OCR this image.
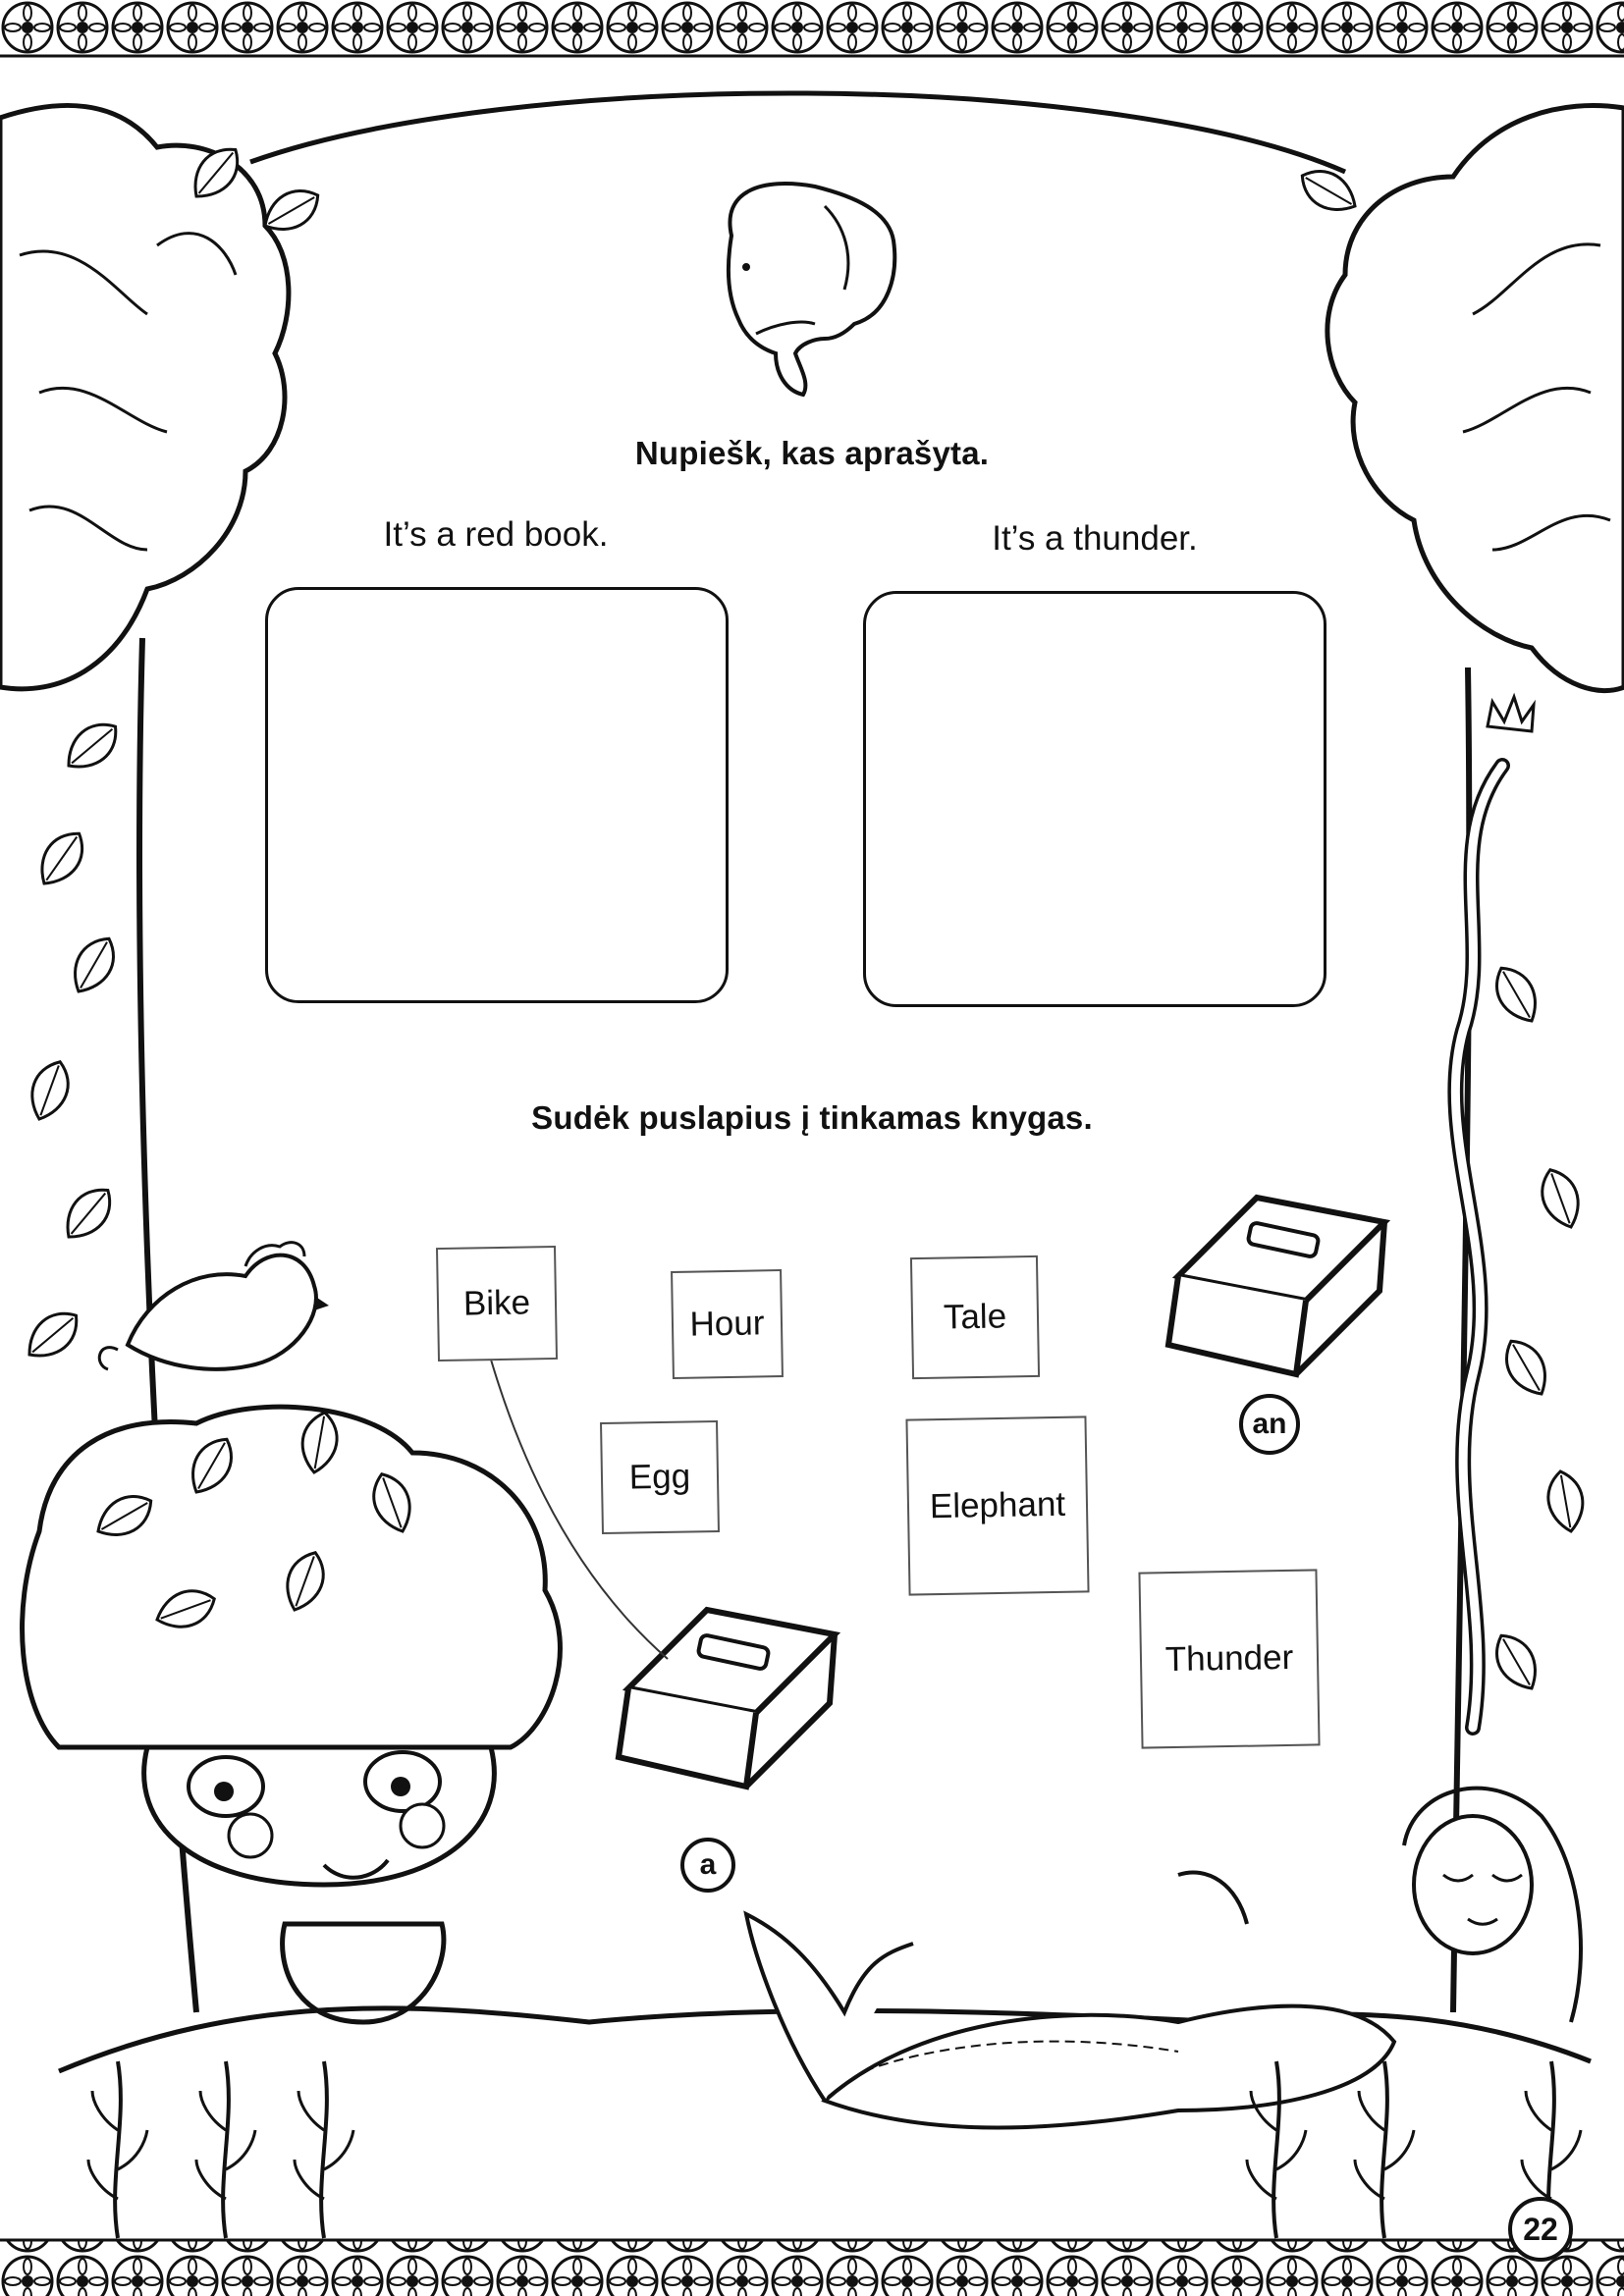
Nupiešk, kas aprašyta.
It’s a red book.	It’s a thunder.
Sudėk puslapius į tinkamas knygas.
Bike
Hour	Tale
Egg
Elephant
Thunder
a
an
22
